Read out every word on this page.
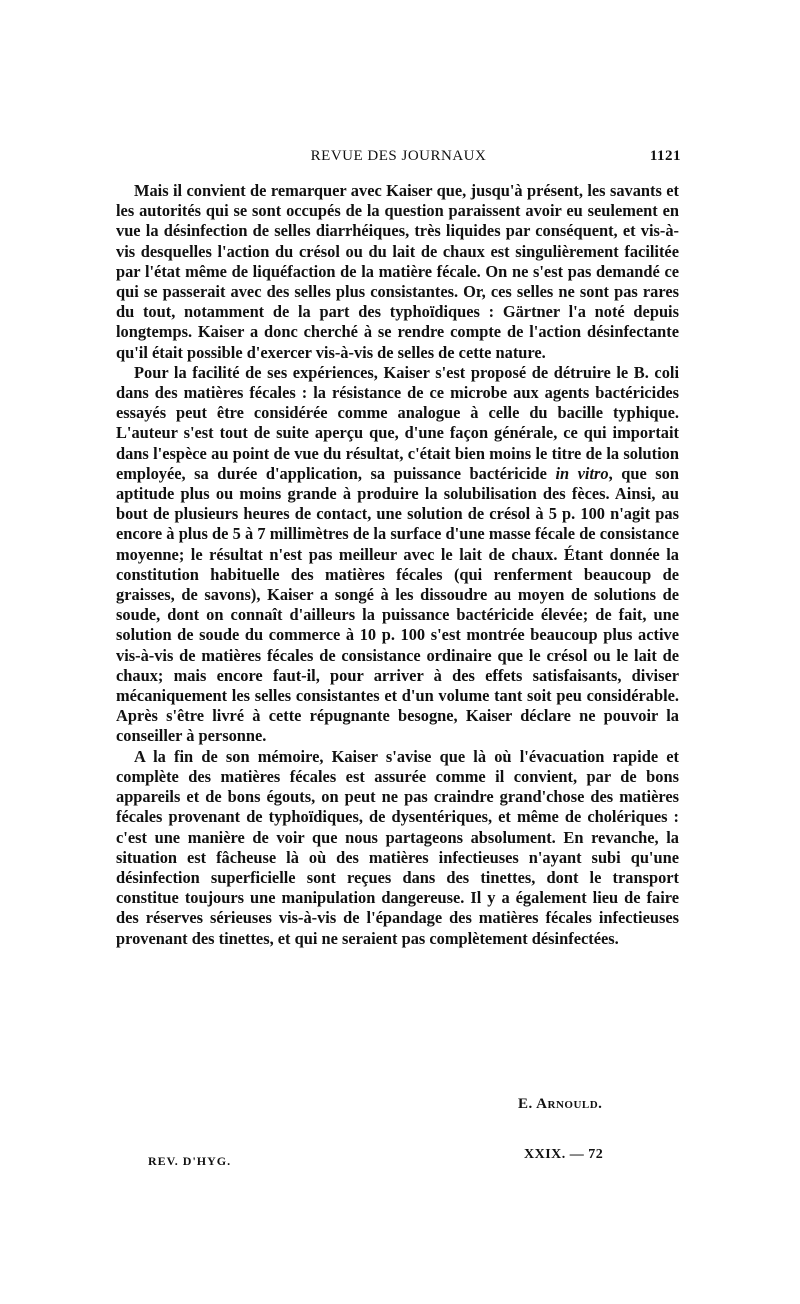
REVUE DES JOURNAUX	1121

Mais il convient de remarquer avec Kaiser que, jusqu'à présent, les savants et les autorités qui se sont occupés de la question paraissent avoir eu seulement en vue la désinfection de selles diarrhéiques, très liquides par conséquent, et vis-à-vis desquelles l'action du crésol ou du lait de chaux est singulièrement facilitée par l'état même de liquéfaction de la matière fécale. On ne s'est pas demandé ce qui se passerait avec des selles plus consistantes. Or, ces selles ne sont pas rares du tout, notamment de la part des typhoïdiques : Gärtner l'a noté depuis longtemps. Kaiser a donc cherché à se rendre compte de l'action désinfectante qu'il était possible d'exercer vis-à-vis de selles de cette nature.

Pour la facilité de ses expériences, Kaiser s'est proposé de détruire le B. coli dans des matières fécales : la résistance de ce microbe aux agents bactéricides essayés peut être considérée comme analogue à celle du bacille typhique. L'auteur s'est tout de suite aperçu que, d'une façon générale, ce qui importait dans l'espèce au point de vue du résultat, c'était bien moins le titre de la solution employée, sa durée d'application, sa puissance bactéricide in vitro, que son aptitude plus ou moins grande à produire la solubilisation des fèces. Ainsi, au bout de plusieurs heures de contact, une solution de crésol à 5 p. 100 n'agit pas encore à plus de 5 à 7 millimètres de la surface d'une masse fécale de consistance moyenne; le résultat n'est pas meilleur avec le lait de chaux. Étant donnée la constitution habituelle des matières fécales (qui renferment beaucoup de graisses, de savons), Kaiser a songé à les dissoudre au moyen de solutions de soude, dont on connaît d'ailleurs la puissance bactéricide élevée; de fait, une solution de soude du commerce à 10 p. 100 s'est montrée beaucoup plus active vis-à-vis de matières fécales de consistance ordinaire que le crésol ou le lait de chaux; mais encore faut-il, pour arriver à des effets satisfaisants, diviser mécaniquement les selles consistantes et d'un volume tant soit peu considérable. Après s'être livré à cette répugnante besogne, Kaiser déclare ne pouvoir la conseiller à personne.

A la fin de son mémoire, Kaiser s'avise que là où l'évacuation rapide et complète des matières fécales est assurée comme il convient, par de bons appareils et de bons égouts, on peut ne pas craindre grand'chose des matières fécales provenant de typhoïdiques, de dysentériques, et même de cholériques : c'est une manière de voir que nous partageons absolument. En revanche, la situation est fâcheuse là où des matières infectieuses n'ayant subi qu'une désinfection superficielle sont reçues dans des tinettes, dont le transport constitue toujours une manipulation dangereuse. Il y a également lieu de faire des réserves sérieuses vis-à-vis de l'épandage des matières fécales infectieuses provenant des tinettes, et qui ne seraient pas complètement désinfectées.

E. Arnould.
REV. D'HYG.	XXIX. — 72
